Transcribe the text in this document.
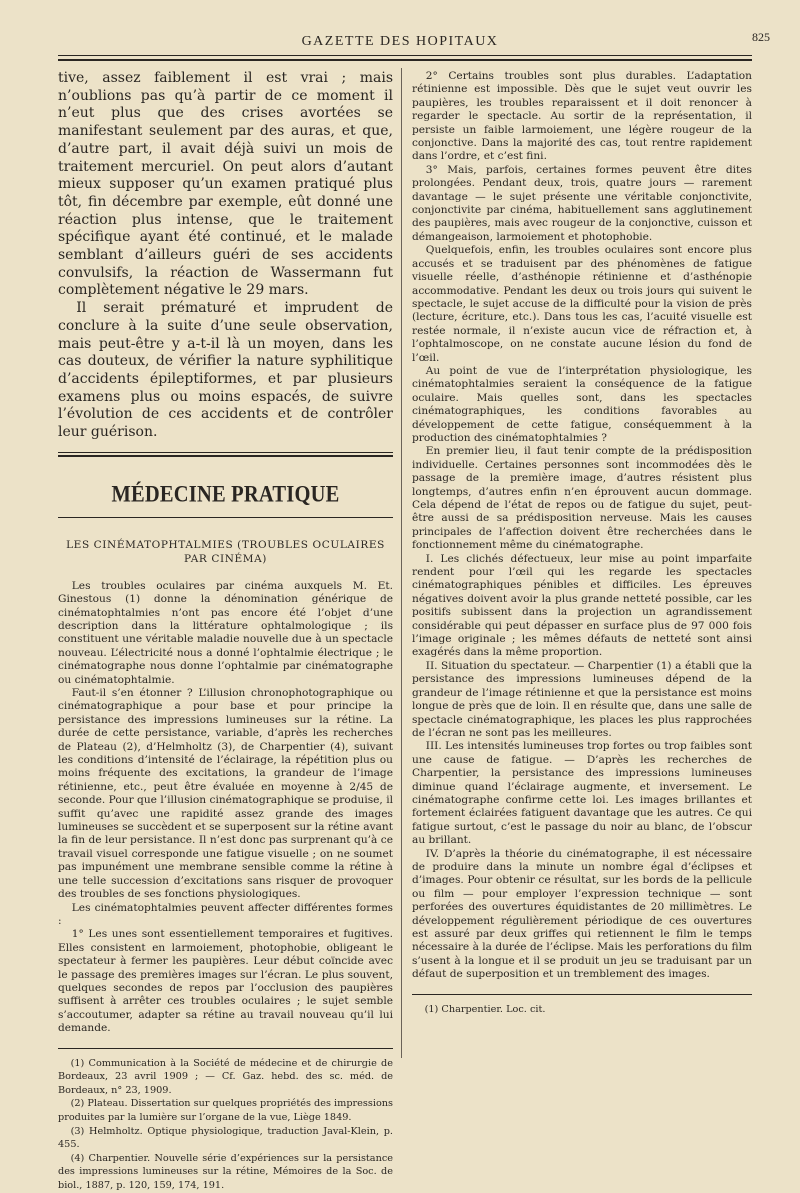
GAZETTE DES HOPITAUX	825

tive, assez faiblement il est vrai ; mais n’oublions pas qu’à partir de ce moment il n’eut plus que des crises avortées se manifestant seulement par des auras, et que, d’autre part, il avait déjà suivi un mois de traitement mercuriel. On peut alors d’autant mieux supposer qu’un examen pratiqué plus tôt, fin décembre par exemple, eût donné une réaction plus intense, que le traitement spécifique ayant été continué, et le malade semblant d’ailleurs guéri de ses accidents convulsifs, la réaction de Wassermann fut complètement négative le 29 mars.

Il serait prématuré et imprudent de conclure à la suite d’une seule observation, mais peut-être y a-t-il là un moyen, dans les cas douteux, de vérifier la nature syphilitique d’accidents épileptiformes, et par plusieurs examens plus ou moins espacés, de suivre l’évolution de ces accidents et de contrôler leur guérison.

MÉDECINE PRATIQUE
LES CINÉMATOPHTALMIES (TROUBLES OCULAIRES PAR CINÉMA)

Les troubles oculaires par cinéma auxquels M. Et. Ginestous (1) donne la dénomination générique de cinématophtalmies n’ont pas encore été l’objet d’une description dans la littérature ophtalmologique ; ils constituent une véritable maladie nouvelle due à un spectacle nouveau. L’électricité nous a donné l’ophtalmie électrique ; le cinématographe nous donne l’ophtalmie par cinématographe ou cinématophtalmie.

Faut-il s’en étonner ? L’illusion chronophotographique ou cinématographique a pour base et pour principe la persistance des impressions lumineuses sur la rétine. La durée de cette persistance, variable, d’après les recherches de Plateau (2), d’Helmholtz (3), de Charpentier (4), suivant les conditions d’intensité de l’éclairage, la répétition plus ou moins fréquente des excitations, la grandeur de l’image rétinienne, etc., peut être évaluée en moyenne à 2/45 de seconde. Pour que l’illusion cinématographique se produise, il suffit qu’avec une rapidité assez grande des images lumineuses se succèdent et se superposent sur la rétine avant la fin de leur persistance. Il n’est donc pas surprenant qu’à ce travail visuel corresponde une fatigue visuelle ; on ne soumet pas impunément une membrane sensible comme la rétine à une telle succession d’excitations sans risquer de provoquer des troubles de ses fonctions physiologiques.

Les cinématophtalmies peuvent affecter différentes formes :

1° Les unes sont essentiellement temporaires et fugitives. Elles consistent en larmoiement, photophobie, obligeant le spectateur à fermer les paupières. Leur début coïncide avec le passage des premières images sur l’écran. Le plus souvent, quelques secondes de repos par l’occlusion des paupières suffisent à arrêter ces troubles oculaires ; le sujet semble s’accoutumer, adapter sa rétine au travail nouveau qu’il lui demande.

(1) Communication à la Société de médecine et de chirurgie de Bordeaux, 23 avril 1909 ; — Cf. Gaz. hebd. des sc. méd. de Bordeaux, n° 23, 1909.

(2) Plateau. Dissertation sur quelques propriétés des impressions produites par la lumière sur l’organe de la vue, Liège 1849.

(3) Helmholtz. Optique physiologique, traduction Javal-Klein, p. 455.

(4) Charpentier. Nouvelle série d’expériences sur la persistance des impressions lumineuses sur la rétine, Mémoires de la Soc. de biol., 1887, p. 120, 159, 174, 191.

2° Certains troubles sont plus durables. L’adaptation rétinienne est impossible. Dès que le sujet veut ouvrir les paupières, les troubles reparaissent et il doit renoncer à regarder le spectacle. Au sortir de la représentation, il persiste un faible larmoiement, une légère rougeur de la conjonctive. Dans la majorité des cas, tout rentre rapidement dans l’ordre, et c’est fini.

3° Mais, parfois, certaines formes peuvent être dites prolongées. Pendant deux, trois, quatre jours — rarement davantage — le sujet présente une véritable conjonctivite, conjonctivite par cinéma, habituellement sans agglutinement des paupières, mais avec rougeur de la conjonctive, cuisson et démangeaison, larmoiement et photophobie.

Quelquefois, enfin, les troubles oculaires sont encore plus accusés et se traduisent par des phénomènes de fatigue visuelle réelle, d’asthénopie rétinienne et d’asthénopie accommodative. Pendant les deux ou trois jours qui suivent le spectacle, le sujet accuse de la difficulté pour la vision de près (lecture, écriture, etc.). Dans tous les cas, l’acuité visuelle est restée normale, il n’existe aucun vice de réfraction et, à l’ophtalmoscope, on ne constate aucune lésion du fond de l’œil.

Au point de vue de l’interprétation physiologique, les cinématophtalmies seraient la conséquence de la fatigue oculaire. Mais quelles sont, dans les spectacles cinématographiques, les conditions favorables au développement de cette fatigue, conséquemment à la production des cinématophtalmies ?

En premier lieu, il faut tenir compte de la prédisposition individuelle. Certaines personnes sont incommodées dès le passage de la première image, d’autres résistent plus longtemps, d’autres enfin n’en éprouvent aucun dommage. Cela dépend de l’état de repos ou de fatigue du sujet, peut-être aussi de sa prédisposition nerveuse. Mais les causes principales de l’affection doivent être recherchées dans le fonctionnement même du cinématographe.

I. Les clichés défectueux, leur mise au point imparfaite rendent pour l’œil qui les regarde les spectacles cinématographiques pénibles et difficiles. Les épreuves négatives doivent avoir la plus grande netteté possible, car les positifs subissent dans la projection un agrandissement considérable qui peut dépasser en surface plus de 97 000 fois l’image originale ; les mêmes défauts de netteté sont ainsi exagérés dans la même proportion.

II. Situation du spectateur. — Charpentier (1) a établi que la persistance des impressions lumineuses dépend de la grandeur de l’image rétinienne et que la persistance est moins longue de près que de loin. Il en résulte que, dans une salle de spectacle cinématographique, les places les plus rapprochées de l’écran ne sont pas les meilleures.

III. Les intensités lumineuses trop fortes ou trop faibles sont une cause de fatigue. — D’après les recherches de Charpentier, la persistance des impressions lumineuses diminue quand l’éclairage augmente, et inversement. Le cinématographe confirme cette loi. Les images brillantes et fortement éclairées fatiguent davantage que les autres. Ce qui fatigue surtout, c’est le passage du noir au blanc, de l’obscur au brillant.

IV. D’après la théorie du cinématographe, il est nécessaire de produire dans la minute un nombre égal d’éclipses et d’images. Pour obtenir ce résultat, sur les bords de la pellicule ou film — pour employer l’expression technique — sont perforées des ouvertures équidistantes de 20 millimètres. Le développement régulièrement périodique de ces ouvertures est assuré par deux griffes qui retiennent le film le temps nécessaire à la durée de l’éclipse. Mais les perforations du film s’usent à la longue et il se produit un jeu se traduisant par un défaut de superposition et un tremblement des images.

(1) Charpentier. Loc. cit.
